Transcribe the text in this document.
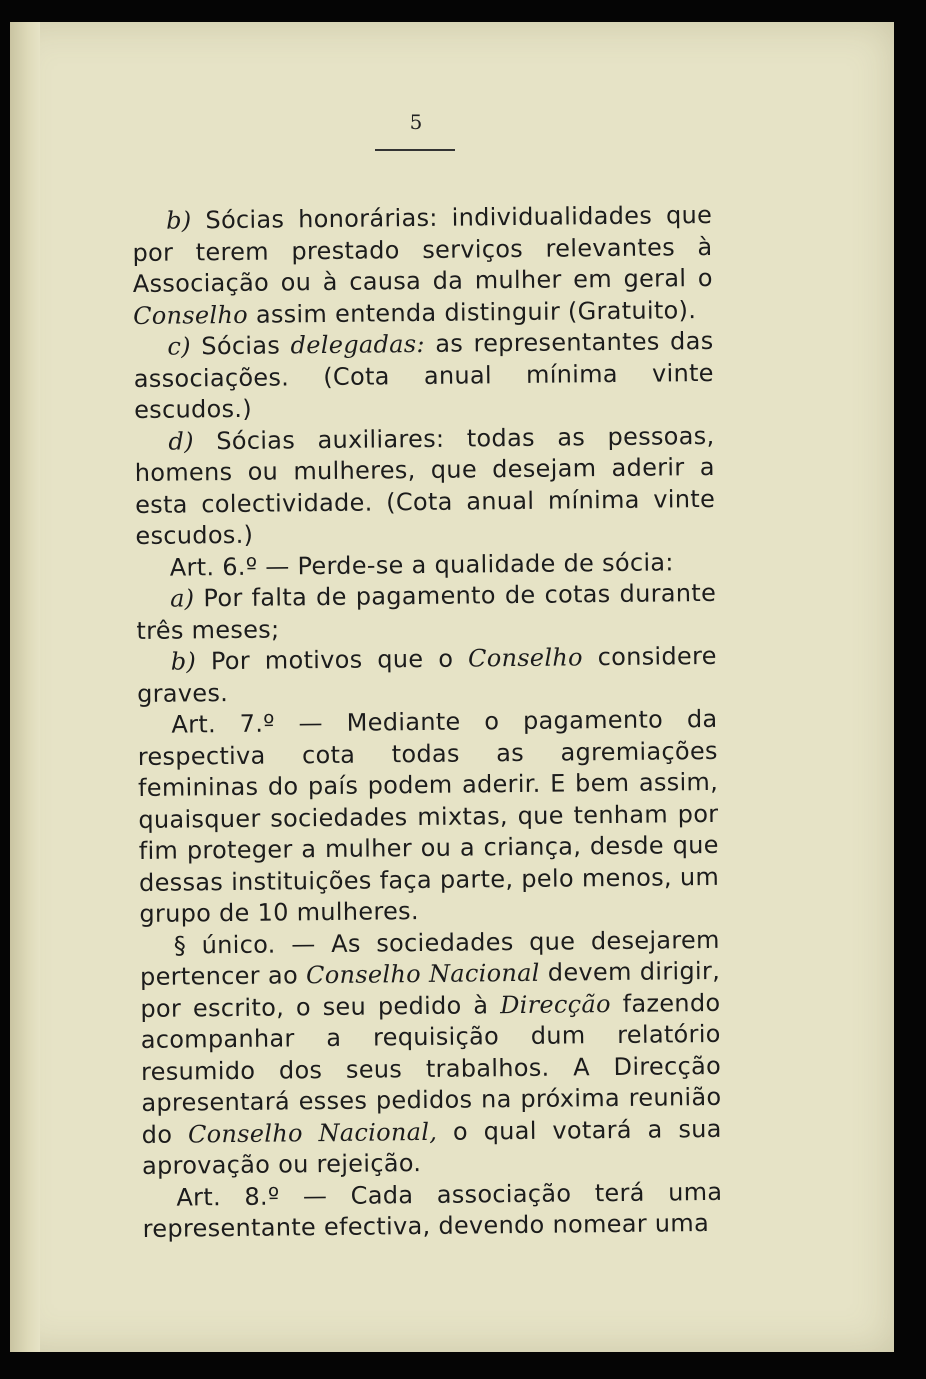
5

b) Sócias honorárias: individualidades que por terem prestado serviços relevantes à Associação ou à causa da mulher em geral o Conselho assim entenda distinguir (Gratuito).

c) Sócias delegadas: as representantes das associações. (Cota anual mínima vinte escudos.)

d) Sócias auxiliares: todas as pessoas, homens ou mulheres, que desejam aderir a esta colectividade. (Cota anual mínima vinte escudos.)

Art. 6.º — Perde-se a qualidade de sócia:

a) Por falta de pagamento de cotas durante três meses;

b) Por motivos que o Conselho considere graves.

Art. 7.º — Mediante o pagamento da respectiva cota todas as agremiações femininas do país podem aderir. E bem assim, quaisquer sociedades mixtas, que tenham por fim proteger a mulher ou a criança, desde que dessas instituições faça parte, pelo menos, um grupo de 10 mulheres.

§ único. — As sociedades que desejarem pertencer ao Conselho Nacional devem dirigir, por escrito, o seu pedido à Direcção fazendo acompanhar a requisição dum relatório resumido dos seus trabalhos. A Direcção apresentará esses pedidos na próxima reunião do Conselho Nacional, o qual votará a sua aprovação ou rejeição.

Art. 8.º — Cada associação terá uma representante efectiva, devendo nomear uma
